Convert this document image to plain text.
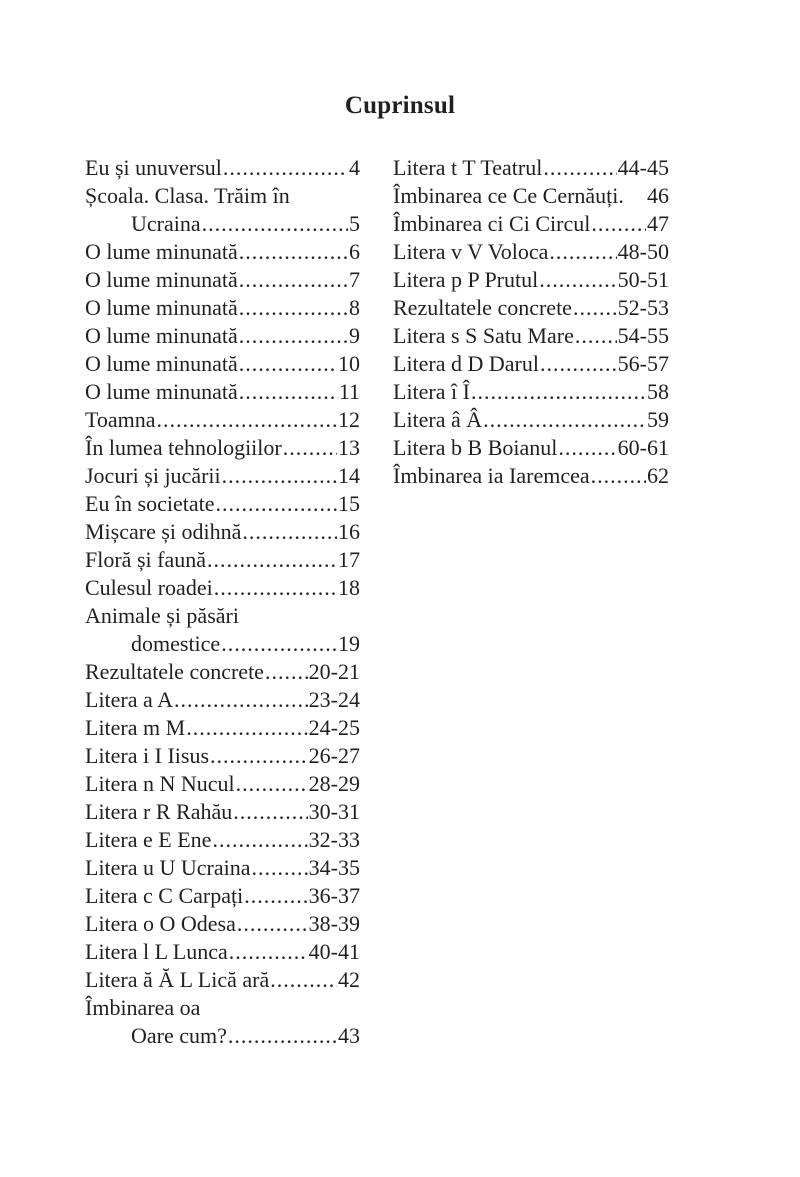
Cuprinsul
Eu și unuversul .....	4
Școala. Clasa. Trăim în
Ucraina .....	5
O lume minunată .....	6
O lume minunată .....	7
O lume minunată .....	8
O lume minunată .....	9
O lume minunată .....	10
O lume minunată .....	11
Toamna .....	12
În lumea tehnologiilor .....	13
Jocuri și jucării .....	14
Eu în societate .....	15
Mișcare și odihnă .....	16
Floră și faună .....	17
Culesul roadei .....	18
Animale și păsări
domestice .....	19
Rezultatele concrete ..... 20-21
Litera a A .....	23-24
Litera m M .....	24-25
Litera i I Iisus .....	26-27
Litera n N Nucul .....	28-29
Litera r R Rahău .....	30-31
Litera e E Ene .....	32-33
Litera u U Ucraina .....	34-35
Litera c C Carpați .....	36-37
Litera o O Odesa .....	38-39
Litera l L Lunca .....	40-41
Litera ă Ă L Lică ară .....	42
Îmbinarea oa
Oare cum? .....	43
Litera t T Teatrul .....	44-45
Îmbinarea ce Ce Cernăuți. 46
Îmbinarea ci Ci Circul .....	47
Litera v V Voloca .....	48-50
Litera p P Prutul .....	50-51
Rezultatele concrete ..... 52-53
Litera s S Satu Mare ..... 54-55
Litera d D Darul .....	56-57
Litera î Î .....	58
Litera â Â .....	59
Litera b B Boianul .....	60-61
Îmbinarea ia Iaremcea .....	62
